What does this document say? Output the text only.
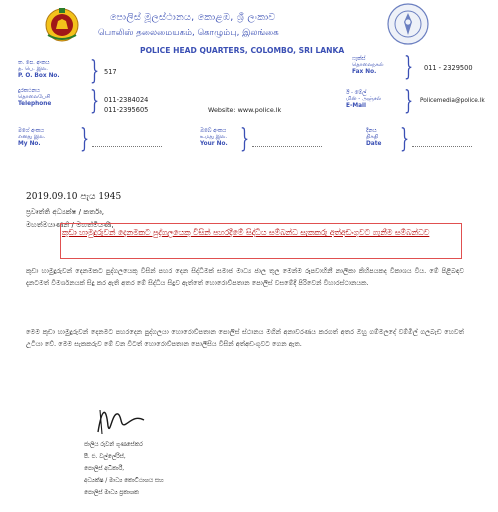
පොලිස් මූලස්ථානය, කොළඹ, ශ්‍රී ලංකාව
பொலிஸ் தலைமையகம், கொழும்பு, இலங்கை
POLICE HEAD QUARTERS, COLOMBO, SRI LANKA
ත. පෙ. අංකය
த. பெ. இல.
P. O. Box No. } 517
ෆැක්ස්
தொலைநகல்
Fax No. } 011 - 2329500
දුරකථනය
தொலைபேசி
Telephone } 011-2384024
011-2395605	Website: www.police.lk
ඊ - මේල්
மின் - அஞ்சல்
E-Mail	} Policemedia@police.lk
මගේ අංකය
எனது இல.
My No. }	ඔබේ අංකය
உமது இல.
Your No. }	දිනය
திகதி
Date }
2019.09.10 පැය 1945
ප්‍රවෘත්ති අධ්‍යක්ෂ / කර්තෘ,
මහත්මයාණනි / මහත්මියණි,
කුඩා හාමුදුරුවන් දෙනමකට පුද්ගලයෙකු විසින් පහරදීමේ සිද්ධිය සම්බන්ධ සැකකරු අත්අඩංගුවට ගැනීම සම්බන්ධව
කුඩා හාමුදුරුවන් දෙනමකට පුද්ගලයෙකු විසින් පහර දෙන සිද්ධිමක් සමාජ මාධ්‍ය ජාල තුල මෙන්ම රූපවාහිනී නාලිකා කිහිපයකද විකාශය විය. මේ පිළිබඳව දැනටමත් විමර්ශනයක් සිදු කර ඇති අතර මේ සිද්ධිය සිදුව ඇත්තේ හොරොව්පතාන පොලිස් වසමේදී පිරිවෙන් විහාරස්ථානයක.
මෙම කුඩා හාමුදුරුවන් දෙනමට පහරදෙන පුද්ගලයා හොරොව්පතාන පොලිස් ස්ථානය මගින් අනාවරණය කරගත් අතර ඔහු ගම්මලදේ වම්මිල් ගලබැඩ හෙවත් උටියා වේ. මෙම සැකකරුව මේ වන විටත් හොරොව්පතාන පොලීසිය විසින් අත්අඩංගුවට ගෙන ඇත.
ජාලිය රුවන් ගුණසේකර
පී. එ. වල්ලේරිස්,
පොලිස් අධිකාරී,
අධ්‍යක්ෂ / මාධ්‍ය කොට්ඨාශය සහ
පොලිස් මාධ්‍ය ප්‍රකාශක
